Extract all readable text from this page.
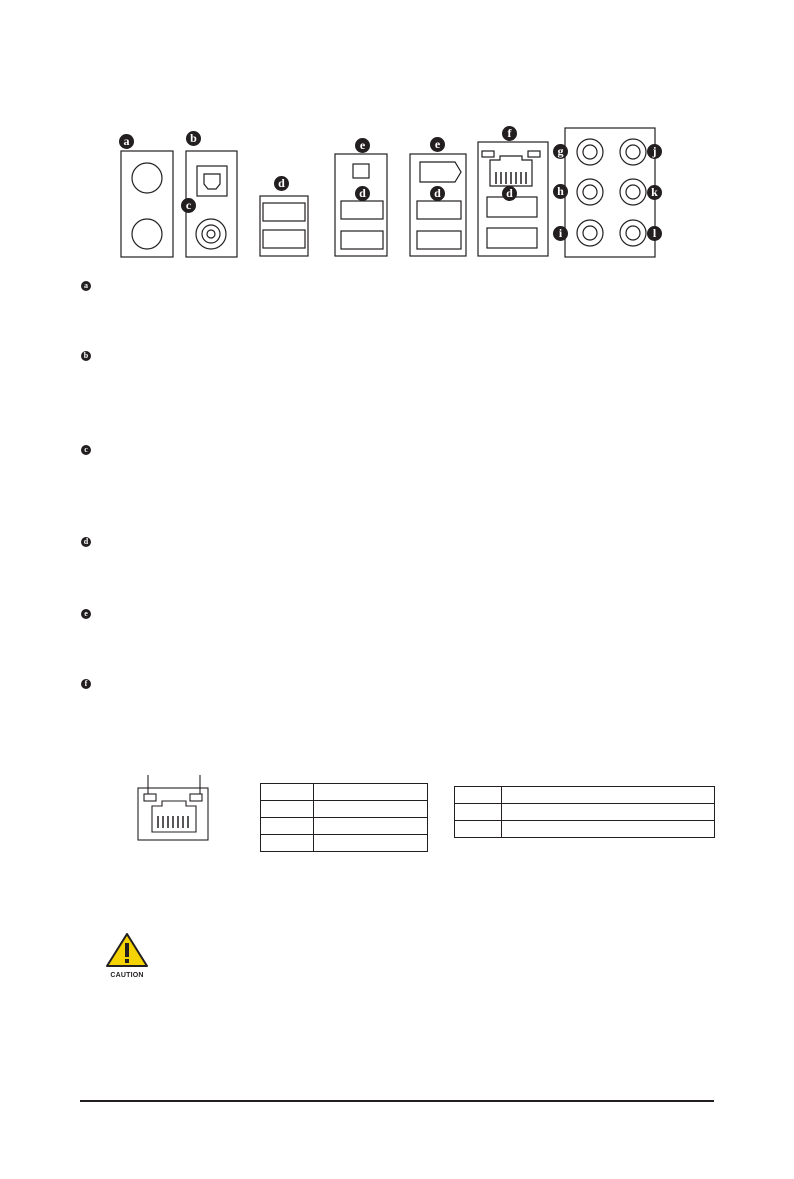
a	b
c
d
e
d
e
d
f
d
g
h
i
j
k
l
a
b
c
d
e
f

CAUTION
